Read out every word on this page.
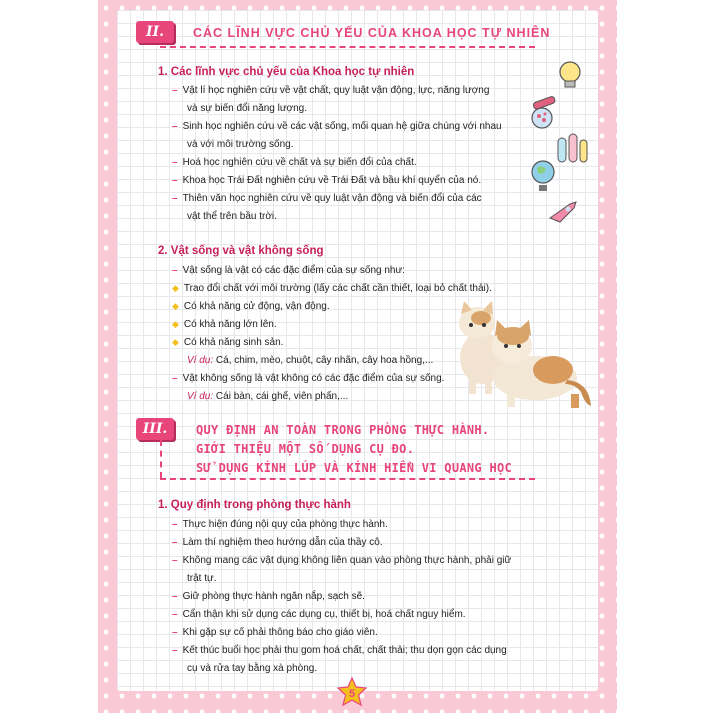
II.	CÁC LĨNH VỰC CHỦ YẾU CỦA KHOA HỌC TỰ NHIÊN
1. Các lĩnh vực chủ yếu của Khoa học tự nhiên
– Vật lí học nghiên cứu về vật chất, quy luật vận động, lực, năng lượng
và sự biến đổi năng lượng.
– Sinh học nghiên cứu về các vật sống, mối quan hệ giữa chúng với nhau
và với môi trường sống.
– Hoá học nghiên cứu về chất và sự biến đổi của chất.
– Khoa học Trái Đất nghiên cứu về Trái Đất và bầu khí quyển của nó.
– Thiên văn học nghiên cứu về quy luật vận động và biến đổi của các
vật thể trên bầu trời.
2. Vật sống và vật không sống
– Vật sống là vật có các đặc điểm của sự sống như:
◆ Trao đổi chất với môi trường (lấy các chất cần thiết, loại bỏ chất thải).
◆ Có khả năng cử động, vận động.
◆ Có khả năng lớn lên.
◆ Có khả năng sinh sản.
Ví dụ: Cá, chim, mèo, chuột, cây nhãn, cây hoa hồng,...
– Vật không sống là vật không có các đặc điểm của sự sống.
Ví dụ: Cái bàn, cái ghế, viên phấn,...
III.	QUY ĐỊNH AN TOÀN TRONG PHÒNG THỰC HÀNH.
GIỚI THIỆU MỘT SỐ DỤNG CỤ ĐO.
SỬ DỤNG KÍNH LÚP VÀ KÍNH HIỂN VI QUANG HỌC
1. Quy định trong phòng thực hành
– Thực hiện đúng nội quy của phòng thực hành.
– Làm thí nghiệm theo hướng dẫn của thầy cô.
– Không mang các vật dụng không liên quan vào phòng thực hành, phải giữ
trật tự.
– Giữ phòng thực hành ngăn nắp, sạch sẽ.
– Cẩn thận khi sử dụng các dụng cụ, thiết bị, hoá chất nguy hiểm.
– Khi gặp sự cố phải thông báo cho giáo viên.
– Kết thúc buổi học phải thu gom hoá chất, chất thải; thu dọn gọn các dụng
cụ và rửa tay bằng xà phòng.
5
